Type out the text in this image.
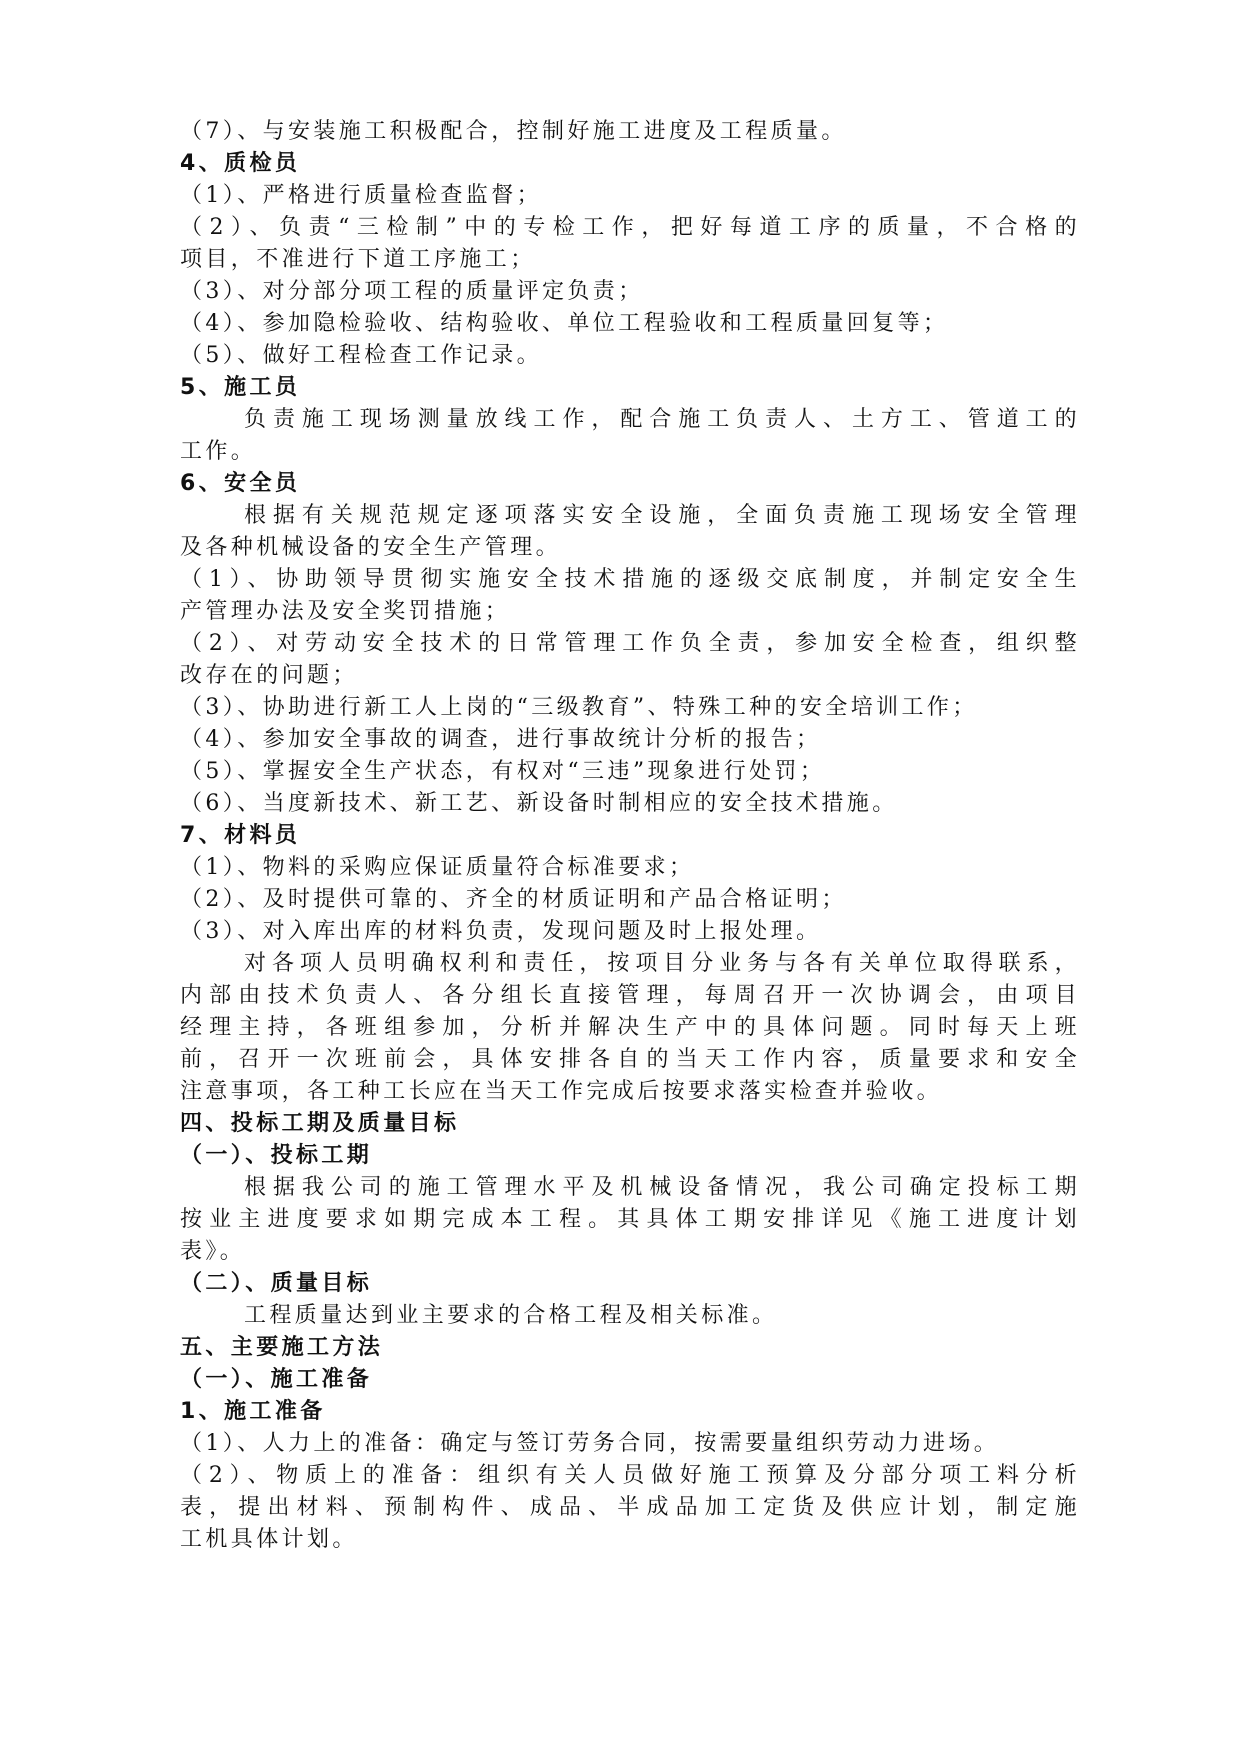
（7）、与安装施工积极配合，控制好施工进度及工程质量。
4、质检员
（1）、严格进行质量检查监督；
（2）、负责“三检制”中的专检工作，把好每道工序的质量，不合格的
项目，不准进行下道工序施工；
（3）、对分部分项工程的质量评定负责；
（4）、参加隐检验收、结构验收、单位工程验收和工程质量回复等；
（5）、做好工程检查工作记录。
5、施工员
负责施工现场测量放线工作，配合施工负责人、土方工、管道工的
工作。
6、安全员
根据有关规范规定逐项落实安全设施，全面负责施工现场安全管理
及各种机械设备的安全生产管理。
（1）、协助领导贯彻实施安全技术措施的逐级交底制度，并制定安全生
产管理办法及安全奖罚措施；
（2）、对劳动安全技术的日常管理工作负全责，参加安全检查，组织整
改存在的问题；
（3）、协助进行新工人上岗的“三级教育”、特殊工种的安全培训工作；
（4）、参加安全事故的调查，进行事故统计分析的报告；
（5）、掌握安全生产状态，有权对“三违”现象进行处罚；
（6）、当度新技术、新工艺、新设备时制相应的安全技术措施。
7、材料员
（1）、物料的采购应保证质量符合标准要求；
（2）、及时提供可靠的、齐全的材质证明和产品合格证明；
（3）、对入库出库的材料负责，发现问题及时上报处理。
对各项人员明确权利和责任，按项目分业务与各有关单位取得联系，
内部由技术负责人、各分组长直接管理，每周召开一次协调会，由项目
经理主持，各班组参加，分析并解决生产中的具体问题。同时每天上班
前，召开一次班前会，具体安排各自的当天工作内容，质量要求和安全
注意事项，各工种工长应在当天工作完成后按要求落实检查并验收。
四、投标工期及质量目标
（一）、投标工期
根据我公司的施工管理水平及机械设备情况，我公司确定投标工期
按业主进度要求如期完成本工程。其具体工期安排详见《施工进度计划
表》。
（二）、质量目标
工程质量达到业主要求的合格工程及相关标准。
五、主要施工方法
（一）、施工准备
1、施工准备
（1）、人力上的准备：确定与签订劳务合同，按需要量组织劳动力进场。
（2）、物质上的准备：组织有关人员做好施工预算及分部分项工料分析
表，提出材料、预制构件、成品、半成品加工定货及供应计划，制定施
工机具体计划。
